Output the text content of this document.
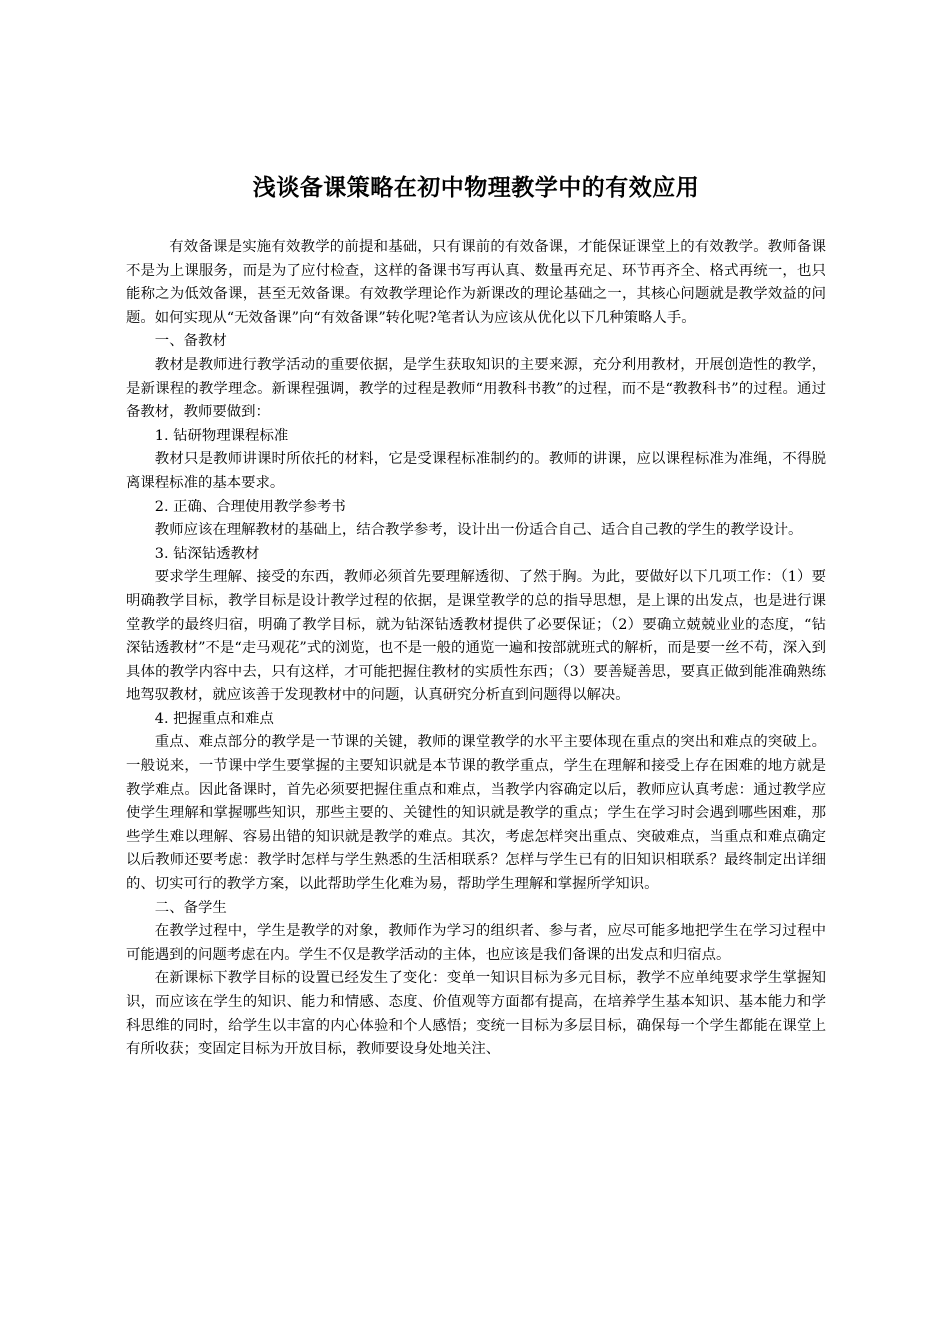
浅谈备课策略在初中物理教学中的有效应用

有效备课是实施有效教学的前提和基础，只有课前的有效备课，才能保证课堂上的有效教学。教师备课不是为上课服务，而是为了应付检查，这样的备课书写再认真、数量再充足、环节再齐全、格式再统一，也只能称之为低效备课，甚至无效备课。有效教学理论作为新课改的理论基础之一，其核心问题就是教学效益的问题。如何实现从“无效备课”向“有效备课”转化呢?笔者认为应该从优化以下几种策略人手。

一、备教材

教材是教师进行教学活动的重要依据，是学生获取知识的主要来源，充分利用教材，开展创造性的教学，是新课程的教学理念。新课程强调，教学的过程是教师“用教科书教”的过程，而不是“教教科书”的过程。通过备教材，教师要做到：

1. 钻研物理课程标准

教材只是教师讲课时所依托的材料，它是受课程标准制约的。教师的讲课，应以课程标准为准绳，不得脱离课程标准的基本要求。

2. 正确、合理使用教学参考书

教师应该在理解教材的基础上，结合教学参考，设计出一份适合自己、适合自己教的学生的教学设计。

3. 钻深钻透教材

要求学生理解、接受的东西，教师必须首先要理解透彻、了然于胸。为此，要做好以下几项工作：（1）要明确教学目标，教学目标是设计教学过程的依据，是课堂教学的总的指导思想，是上课的出发点，也是进行课堂教学的最终归宿，明确了教学目标，就为钻深钻透教材提供了必要保证；（2）要确立兢兢业业的态度，“钻深钻透教材”不是“走马观花”式的浏览，也不是一般的通览一遍和按部就班式的解析，而是要一丝不苟，深入到具体的教学内容中去，只有这样，才可能把握住教材的实质性东西；（3）要善疑善思，要真正做到能准确熟练地驾驭教材，就应该善于发现教材中的问题，认真研究分析直到问题得以解决。

4. 把握重点和难点

重点、难点部分的教学是一节课的关键，教师的课堂教学的水平主要体现在重点的突出和难点的突破上。一般说来，一节课中学生要掌握的主要知识就是本节课的教学重点，学生在理解和接受上存在困难的地方就是教学难点。因此备课时，首先必须要把握住重点和难点，当教学内容确定以后，教师应认真考虑：通过教学应使学生理解和掌握哪些知识，那些主要的、关键性的知识就是教学的重点；学生在学习时会遇到哪些困难，那些学生难以理解、容易出错的知识就是教学的难点。其次，考虑怎样突出重点、突破难点，当重点和难点确定以后教师还要考虑：教学时怎样与学生熟悉的生活相联系？怎样与学生已有的旧知识相联系？最终制定出详细的、切实可行的教学方案，以此帮助学生化难为易，帮助学生理解和掌握所学知识。

二、备学生

在教学过程中，学生是教学的对象，教师作为学习的组织者、参与者，应尽可能多地把学生在学习过程中可能遇到的问题考虑在内。学生不仅是教学活动的主体，也应该是我们备课的出发点和归宿点。

在新课标下教学目标的设置已经发生了变化：变单一知识目标为多元目标，教学不应单纯要求学生掌握知识，而应该在学生的知识、能力和情感、态度、价值观等方面都有提高，在培养学生基本知识、基本能力和学科思维的同时，给学生以丰富的内心体验和个人感悟；变统一目标为多层目标，确保每一个学生都能在课堂上有所收获；变固定目标为开放目标，教师要设身处地关注、
